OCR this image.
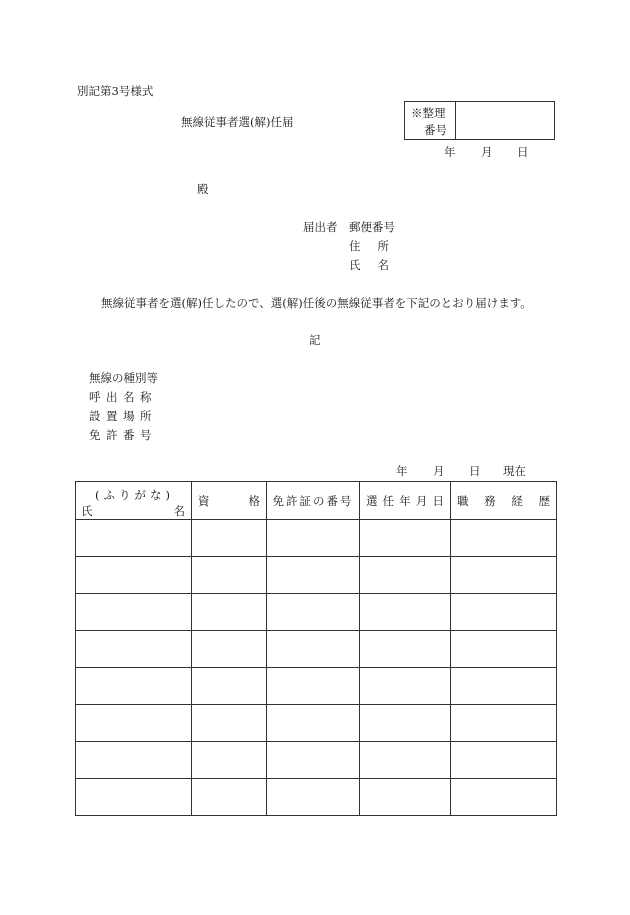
別記第3号様式
無線従事者選(解)任届
※整理
番号
年 月 日
殿
届出者 郵便番号
住所
氏名
無線従事者を選(解)任したので、選(解)任後の無線従事者を下記のとおり届けます。
記
無線の種別等
呼出名称
設置場所
免許番号
年 月 日 現在
(ふりがな)
氏 名	資 格	免許証の番号	選 任 年 月 日	職 務 経 歴
